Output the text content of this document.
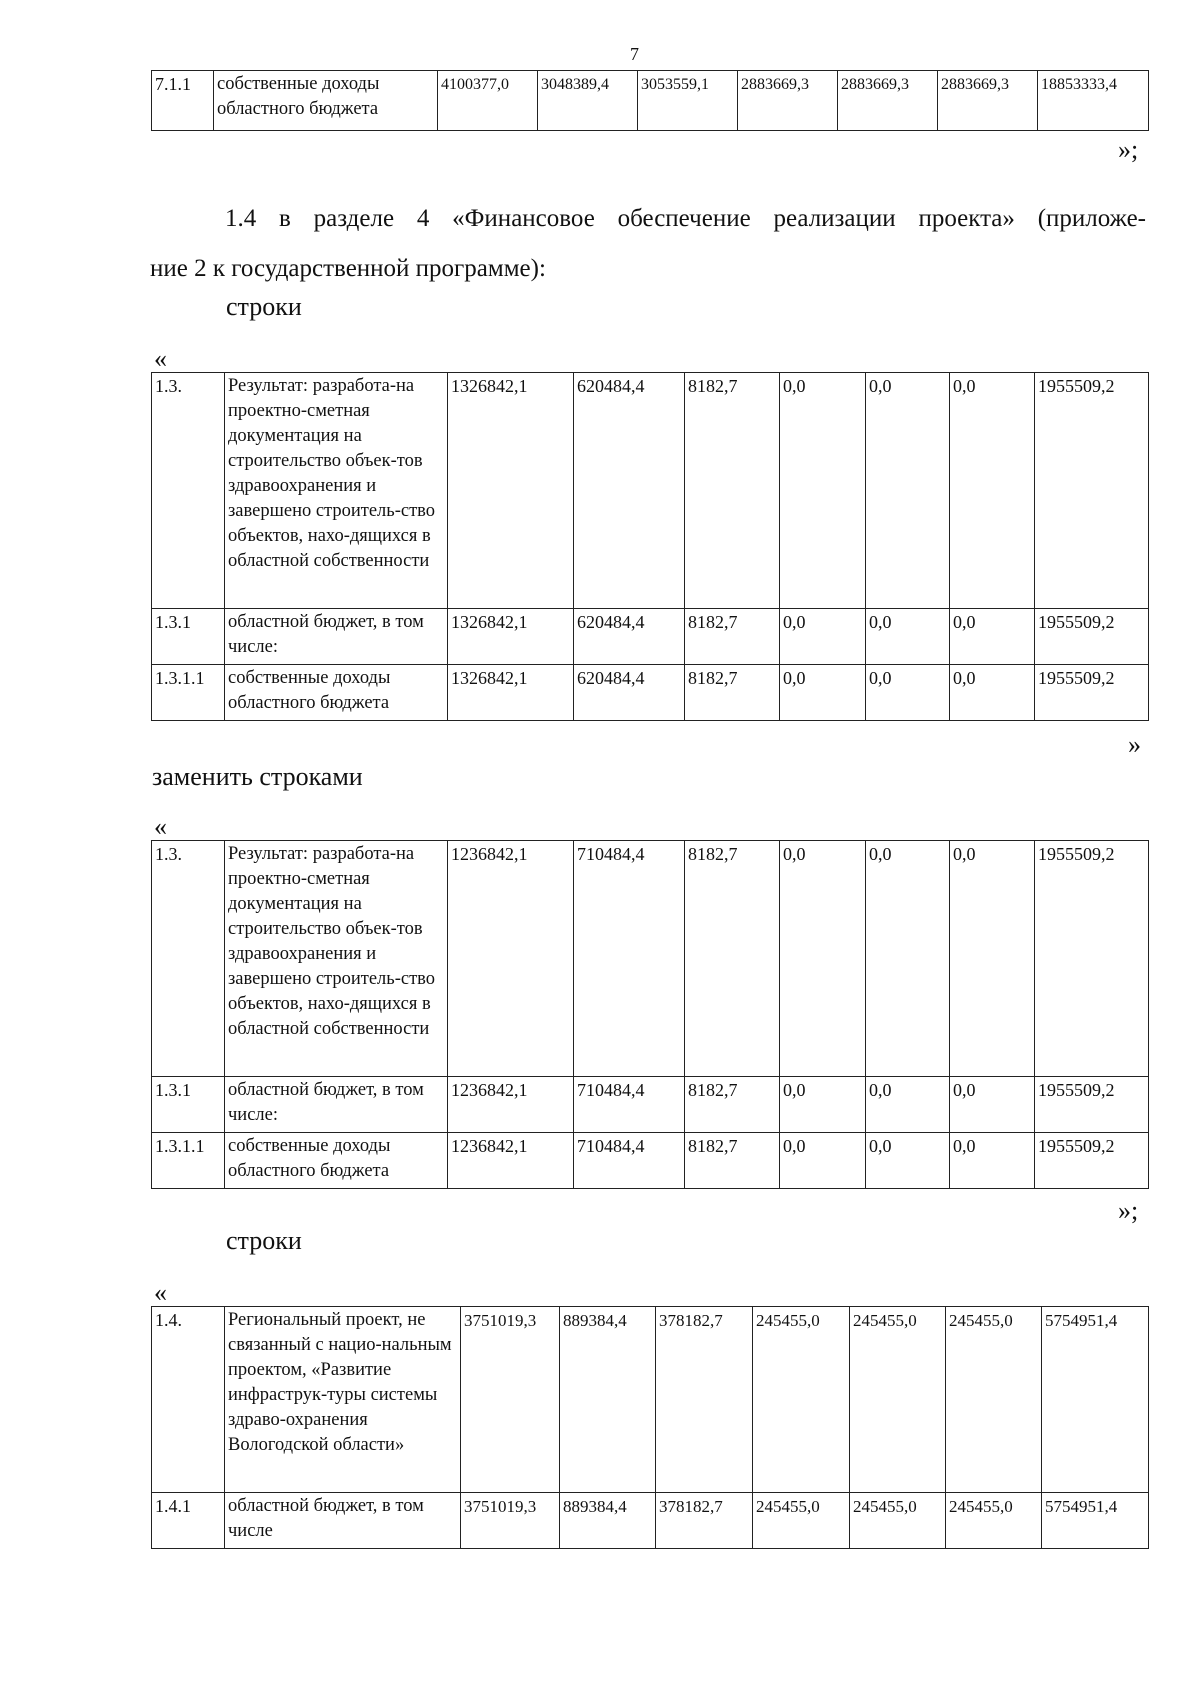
7
7.1.1	собственные доходы областного бюджета	4100377,0	3048389,4	3053559,1	2883669,3	2883669,3	2883669,3	18853333,4
»;
1.4 в разделе 4 «Финансовое обеспечение реализации проекта» (приложе-
ние 2 к государственной программе):
строки
«
1.3.	Результат: разработа-на проектно-сметная документация на строительство объек-тов здравоохранения и завершено строитель-ство объектов, нахо-дящихся в областной собственности	1326842,1	620484,4	8182,7	0,0	0,0	0,0	1955509,2
1.3.1	областной бюджет, в том числе:	1326842,1	620484,4	8182,7	0,0	0,0	0,0	1955509,2
1.3.1.1	собственные доходы областного бюджета	1326842,1	620484,4	8182,7	0,0	0,0	0,0	1955509,2
»
заменить строками
«
1.3.	Результат: разработа-на проектно-сметная документация на строительство объек-тов здравоохранения и завершено строитель-ство объектов, нахо-дящихся в областной собственности	1236842,1	710484,4	8182,7	0,0	0,0	0,0	1955509,2
1.3.1	областной бюджет, в том числе:	1236842,1	710484,4	8182,7	0,0	0,0	0,0	1955509,2
1.3.1.1	собственные доходы областного бюджета	1236842,1	710484,4	8182,7	0,0	0,0	0,0	1955509,2
»;
строки
«
1.4.	Региональный проект, не связанный с нацио-нальным проектом, «Развитие инфраструк-туры системы здраво-охранения Вологодской области»	3751019,3	889384,4	378182,7	245455,0	245455,0	245455,0	5754951,4
1.4.1	областной бюджет, в том числе	3751019,3	889384,4	378182,7	245455,0	245455,0	245455,0	5754951,4
